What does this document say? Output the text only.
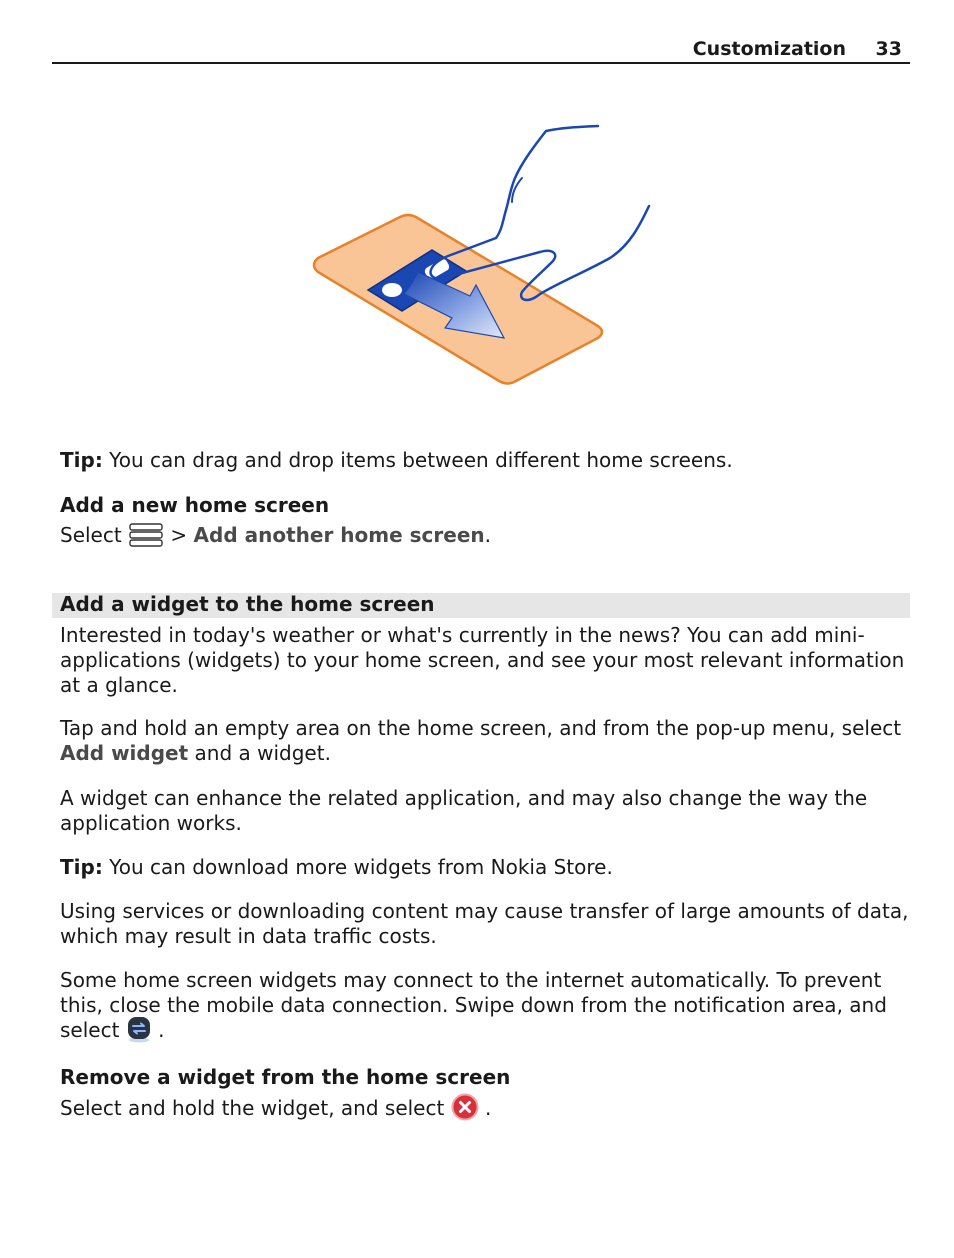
Customization 33
Tip: You can drag and drop items between different home screens.
Add a new home screen
Select  > Add another home screen.
Add a widget to the home screen
Interested in today's weather or what's currently in the news? You can add mini-applications (widgets) to your home screen, and see your most relevant information at a glance.
Tap and hold an empty area on the home screen, and from the pop-up menu, select
Add widget and a widget.
A widget can enhance the related application, and may also change the way the application works.
Tip: You can download more widgets from Nokia Store.
Using services or downloading content may cause transfer of large amounts of data, which may result in data traffic costs.
Some home screen widgets may connect to the internet automatically. To prevent this, close the mobile data connection. Swipe down from the notification area, and select .
Remove a widget from the home screen
Select and hold the widget, and select .
